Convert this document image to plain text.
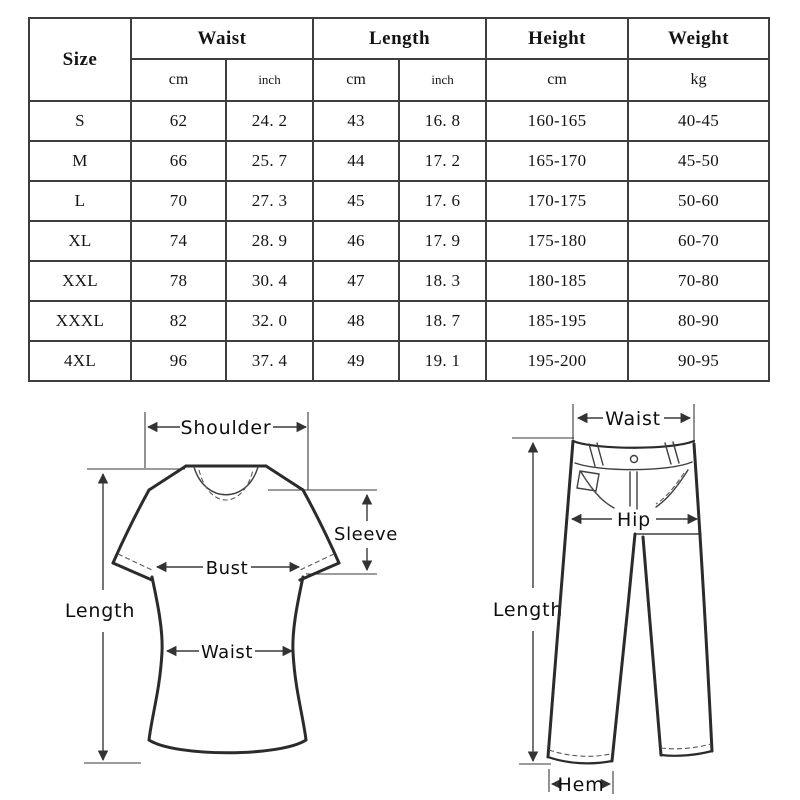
Size	Waist		Length		Height	Weight
	cm	inch	cm	inch	cm	kg
S	62	24. 2	43	16. 8	160-165	40-45
M	66	25. 7	44	17. 2	165-170	45-50
L	70	27. 3	45	17. 6	170-175	50-60
XL	74	28. 9	46	17. 9	175-180	60-70
XXL	78	30. 4	47	18. 3	180-185	70-80
XXXL	82	32. 0	48	18. 7	185-195	80-90
4XL	96	37. 4	49	19. 1	195-200	90-95
Shoulder
Length
Sleeve
Bust
Waist
Waist
Length
Hip
Hem
